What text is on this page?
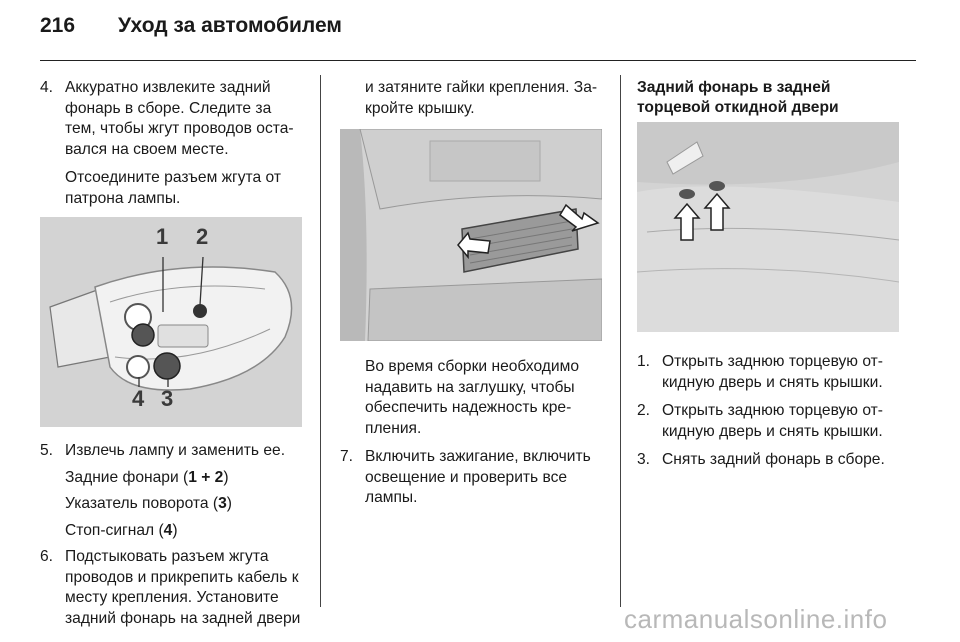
216 Уход за автомобилем
4. Аккуратно извлеките задний фонарь в сборе. Следите за тем, чтобы жгут проводов оста-вался на своем месте.

Отсоедините разъем жгута от патрона лампы.

1 2
4 3
5. Извлечь лампу и заменить ее.

Задние фонари (1 + 2)

Указатель поворота (3)

Стоп-сигнал (4)

6. Подстыковать разъем жгута проводов и прикрепить кабель к месту крепления. Установите задний фонарь на задней двери

и затяните гайки крепления. За-кройте крышку.

Во время сборки необходимо надавить на заглушку, чтобы обеспечить надежность кре-пления.

7. Включить зажигание, включить освещение и проверить все лампы.

Задний фонарь в задней торцевой откидной двери

1. Открыть заднюю торцевую от-кидную дверь и снять крышки.

2. Открыть заднюю торцевую от-кидную дверь и снять крышки.

3. Снять задний фонарь в сборе.

carmanualsonline.info
